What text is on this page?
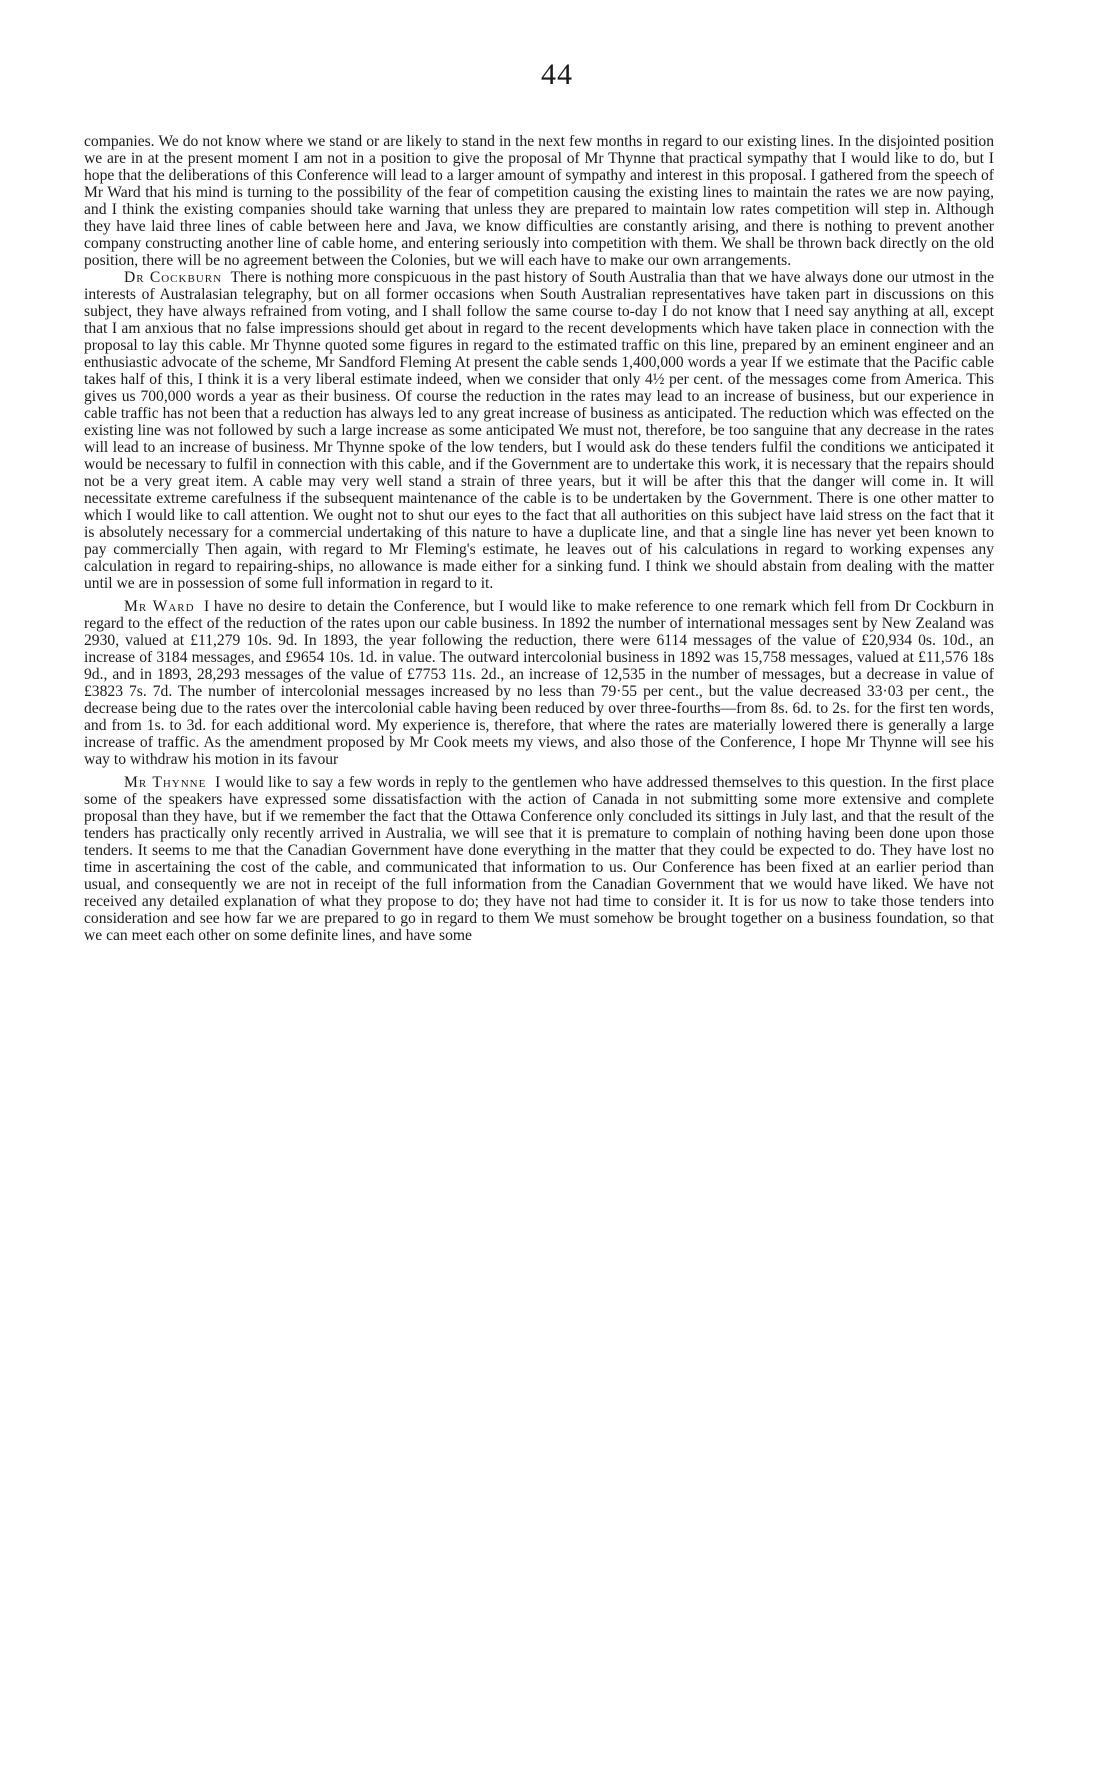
44

companies. We do not know where we stand or are likely to stand in the next few months in regard to our existing lines. In the disjointed position we are in at the present moment I am not in a position to give the proposal of Mr Thynne that practical sympathy that I would like to do, but I hope that the deliberations of this Conference will lead to a larger amount of sympathy and interest in this proposal. I gathered from the speech of Mr Ward that his mind is turning to the possibility of the fear of competition causing the existing lines to maintain the rates we are now paying, and I think the existing companies should take warning that unless they are prepared to maintain low rates competition will step in. Although they have laid three lines of cable between here and Java, we know difficulties are constantly arising, and there is nothing to prevent another company constructing another line of cable home, and entering seriously into competition with them. We shall be thrown back directly on the old position, there will be no agreement between the Colonies, but we will each have to make our own arrangements.

Dr Cockburn There is nothing more conspicuous in the past history of South Australia than that we have always done our utmost in the interests of Australasian telegraphy, but on all former occasions when South Australian representatives have taken part in discussions on this subject, they have always refrained from voting, and I shall follow the same course to-day I do not know that I need say anything at all, except that I am anxious that no false impressions should get about in regard to the recent developments which have taken place in connection with the proposal to lay this cable. Mr Thynne quoted some figures in regard to the estimated traffic on this line, prepared by an eminent engineer and an enthusiastic advocate of the scheme, Mr Sandford Fleming At present the cable sends 1,400,000 words a year If we estimate that the Pacific cable takes half of this, I think it is a very liberal estimate indeed, when we consider that only 4½ per cent. of the messages come from America. This gives us 700,000 words a year as their business. Of course the reduction in the rates may lead to an increase of business, but our experience in cable traffic has not been that a reduction has always led to any great increase of business as anticipated. The reduction which was effected on the existing line was not followed by such a large increase as some anticipated We must not, therefore, be too sanguine that any decrease in the rates will lead to an increase of business. Mr Thynne spoke of the low tenders, but I would ask do these tenders fulfil the conditions we anticipated it would be necessary to fulfil in connection with this cable, and if the Government are to undertake this work, it is necessary that the repairs should not be a very great item. A cable may very well stand a strain of three years, but it will be after this that the danger will come in. It will necessitate extreme carefulness if the subsequent maintenance of the cable is to be undertaken by the Government. There is one other matter to which I would like to call attention. We ought not to shut our eyes to the fact that all authorities on this subject have laid stress on the fact that it is absolutely necessary for a commercial undertaking of this nature to have a duplicate line, and that a single line has never yet been known to pay commercially Then again, with regard to Mr Fleming's estimate, he leaves out of his calculations in regard to working expenses any calculation in regard to repairing-ships, no allowance is made either for a sinking fund. I think we should abstain from dealing with the matter until we are in possession of some full information in regard to it.

Mr Ward I have no desire to detain the Conference, but I would like to make reference to one remark which fell from Dr Cockburn in regard to the effect of the reduction of the rates upon our cable business. In 1892 the number of international messages sent by New Zealand was 2930, valued at £11,279 10s. 9d. In 1893, the year following the reduction, there were 6114 messages of the value of £20,934 0s. 10d., an increase of 3184 messages, and £9654 10s. 1d. in value. The outward intercolonial business in 1892 was 15,758 messages, valued at £11,576 18s 9d., and in 1893, 28,293 messages of the value of £7753 11s. 2d., an increase of 12,535 in the number of messages, but a decrease in value of £3823 7s. 7d. The number of intercolonial messages increased by no less than 79·55 per cent., but the value decreased 33·03 per cent., the decrease being due to the rates over the intercolonial cable having been reduced by over three-fourths—from 8s. 6d. to 2s. for the first ten words, and from 1s. to 3d. for each additional word. My experience is, therefore, that where the rates are materially lowered there is generally a large increase of traffic. As the amendment proposed by Mr Cook meets my views, and also those of the Conference, I hope Mr Thynne will see his way to withdraw his motion in its favour

Mr Thynne I would like to say a few words in reply to the gentlemen who have addressed themselves to this question. In the first place some of the speakers have expressed some dissatisfaction with the action of Canada in not submitting some more extensive and complete proposal than they have, but if we remember the fact that the Ottawa Conference only concluded its sittings in July last, and that the result of the tenders has practically only recently arrived in Australia, we will see that it is premature to complain of nothing having been done upon those tenders. It seems to me that the Canadian Government have done everything in the matter that they could be expected to do. They have lost no time in ascertaining the cost of the cable, and communicated that information to us. Our Conference has been fixed at an earlier period than usual, and consequently we are not in receipt of the full information from the Canadian Government that we would have liked. We have not received any detailed explanation of what they propose to do; they have not had time to consider it. It is for us now to take those tenders into consideration and see how far we are prepared to go in regard to them We must somehow be brought together on a business foundation, so that we can meet each other on some definite lines, and have some
